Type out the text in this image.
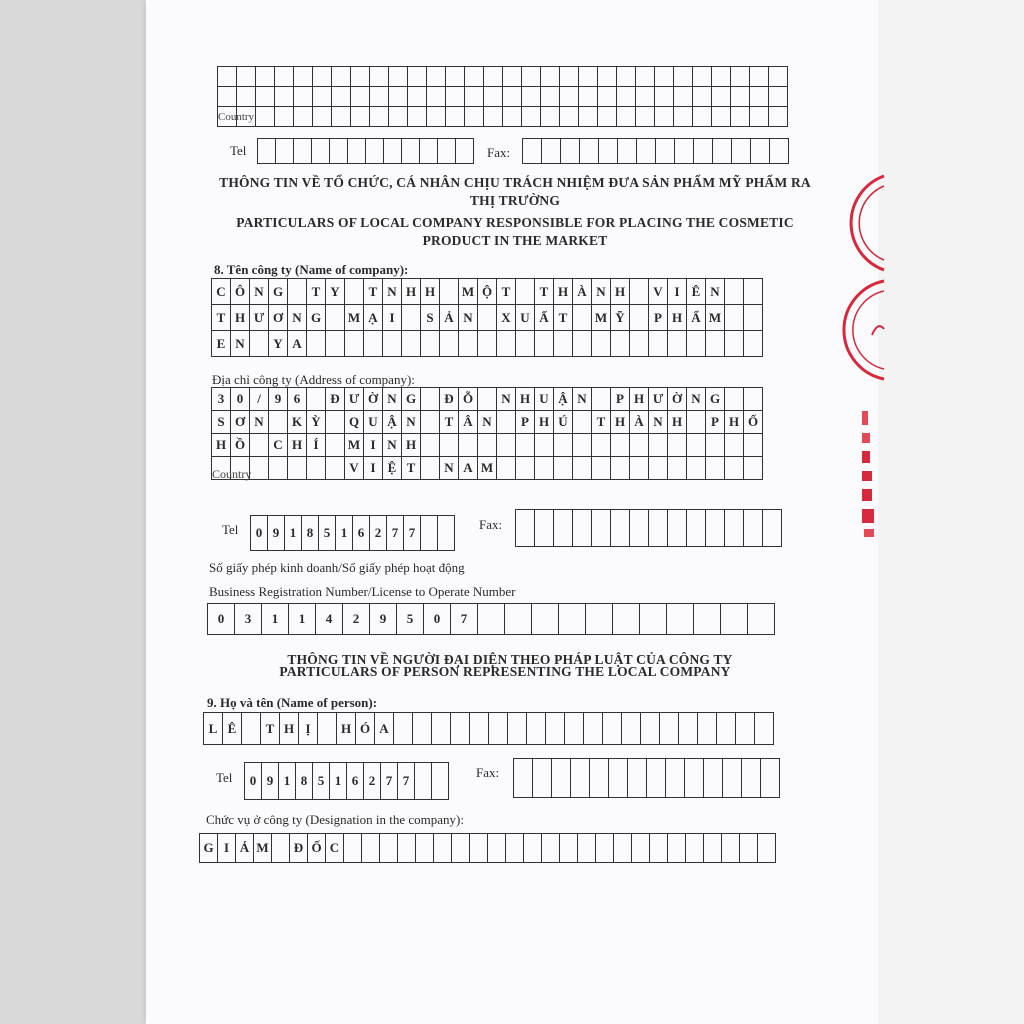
Country
Tel	Fax:
THÔNG TIN VỀ TỔ CHỨC, CÁ NHÂN CHỊU TRÁCH NHIỆM ĐƯA SẢN PHẨM MỸ PHẨM RA THỊ TRƯỜNG
PARTICULARS OF LOCAL COMPANY RESPONSIBLE FOR PLACING THE COSMETIC PRODUCT IN THE MARKET
8. Tên công ty (Name of company):
C Ô N G	T Y	T N H H	M Ộ T	T H À N H	V I Ê N
T H Ư Ơ N G	M Ạ I	S Ả N	X U Ấ T	M Ỹ	P H Ẩ M
E N	Y A
Địa chỉ công ty (Address of company):
3 0	/	9 6	Đ Ư Ờ N G	Đ Ỗ	N H U Ậ N	P H Ư Ờ N G
S Ơ N	K Ỳ	Q U Ậ N	T Â N	P H Ú	T H À N H	P H Ố
H Ồ	C H Í	M I N H
V I Ệ T	N A M
Country
Tel	0 9 1 8 5 1 6 2 7 7
Fax:
Số giấy phép kinh doanh/Số giấy phép hoạt động
Business Registration Number/License to Operate Number
0	3	1	1	4	2	9	5	0	7
THÔNG TIN VỀ NGƯỜI ĐẠI DIỆN THEO PHÁP LUẬT CỦA CÔNG TY
PARTICULARS OF PERSON REPRESENTING THE LOCAL COMPANY
9. Họ và tên (Name of person):
L Ê	T H Ị	H Ó A
Tel	0 9 1 8 5 1 6 2 7 7
Fax:
Chức vụ ở công ty (Designation in the company):
G I Á M	Đ Ố C
